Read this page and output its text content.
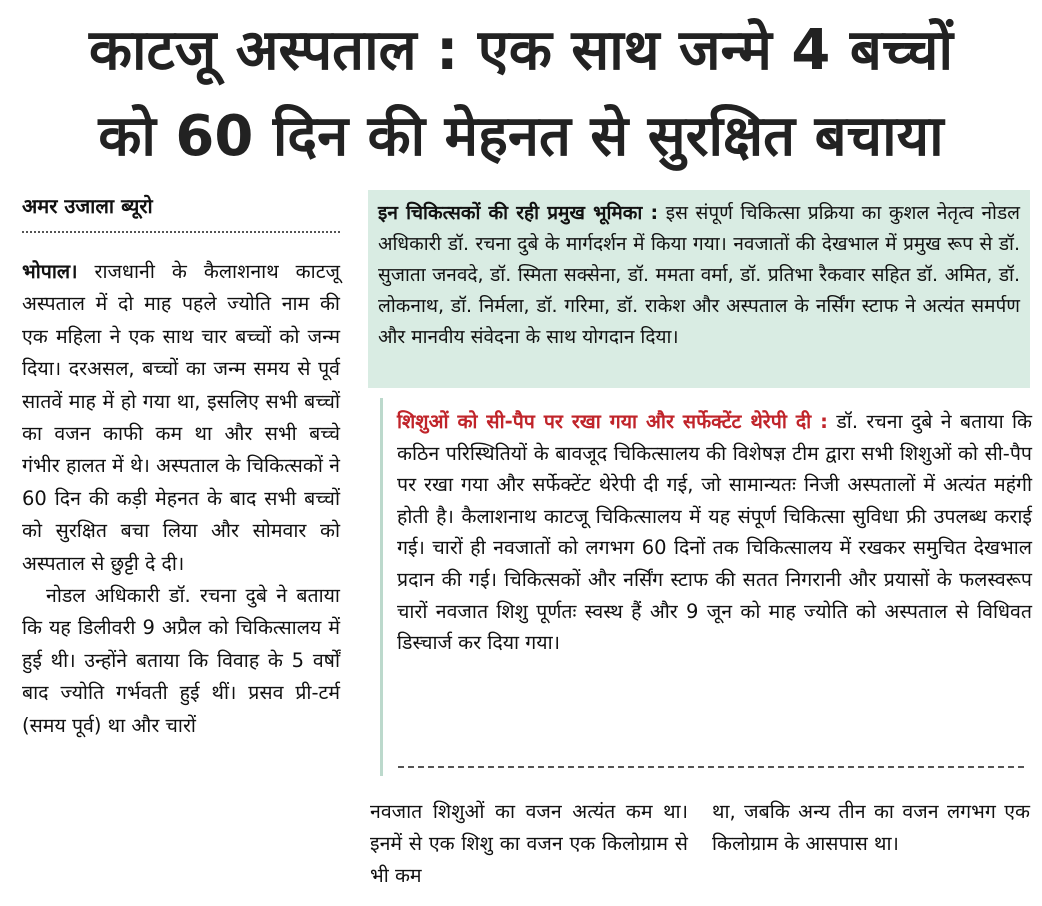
काटजू अस्पताल : एक साथ जन्मे 4 बच्चों
को 60 दिन की मेहनत से सुरक्षित बचाया
अमर उजाला ब्यूरो

भोपाल। राजधानी के कैलाशनाथ काटजू अस्पताल में दो माह पहले ज्योति नाम की एक महिला ने एक साथ चार बच्चों को जन्म दिया। दरअसल, बच्चों का जन्म समय से पूर्व सातवें माह में हो गया था, इसलिए सभी बच्चों का वजन काफी कम था और सभी बच्चे गंभीर हालत में थे। अस्पताल के चिकित्सकों ने 60 दिन की कड़ी मेहनत के बाद सभी बच्चों को सुरक्षित बचा लिया और सोमवार को अस्पताल से छुट्टी दे दी।

नोडल अधिकारी डॉ. रचना दुबे ने बताया कि यह डिलीवरी 9 अप्रैल को चिकित्सालय में हुई थी। उन्होंने बताया कि विवाह के 5 वर्षों बाद ज्योति गर्भवती हुई थीं। प्रसव प्री-टर्म (समय पूर्व) था और चारों

इन चिकित्सकों की रही प्रमुख भूमिका : इस संपूर्ण चिकित्सा प्रक्रिया का कुशल नेतृत्व नोडल अधिकारी डॉ. रचना दुबे के मार्गदर्शन में किया गया। नवजातों की देखभाल में प्रमुख रूप से डॉ. सुजाता जनवदे, डॉ. स्मिता सक्सेना, डॉ. ममता वर्मा, डॉ. प्रतिभा रैकवार सहित डॉ. अमित, डॉ. लोकनाथ, डॉ. निर्मला, डॉ. गरिमा, डॉ. राकेश और अस्पताल के नर्सिंग स्टाफ ने अत्यंत समर्पण और मानवीय संवेदना के साथ योगदान दिया।
शिशुओं को सी-पैप पर रखा गया और सर्फेक्टेंट थेरेपी दी : डॉ. रचना दुबे ने बताया कि कठिन परिस्थितियों के बावजूद चिकित्सालय की विशेषज्ञ टीम द्वारा सभी शिशुओं को सी-पैप पर रखा गया और सर्फेक्टेंट थेरेपी दी गई, जो सामान्यतः निजी अस्पतालों में अत्यंत महंगी होती है। कैलाशनाथ काटजू चिकित्सालय में यह संपूर्ण चिकित्सा सुविधा फ्री उपलब्ध कराई गई। चारों ही नवजातों को लगभग 60 दिनों तक चिकित्सालय में रखकर समुचित देखभाल प्रदान की गई। चिकित्सकों और नर्सिंग स्टाफ की सतत निगरानी और प्रयासों के फलस्वरूप चारों नवजात शिशु पूर्णतः स्वस्थ हैं और 9 जून को माह ज्योति को अस्पताल से विधिवत डिस्चार्ज कर दिया गया।
नवजात शिशुओं का वजन अत्यंत कम था। इनमें से एक शिशु का वजन एक किलोग्राम से भी कम
था, जबकि अन्य तीन का वजन लगभग एक किलोग्राम के आसपास था।
